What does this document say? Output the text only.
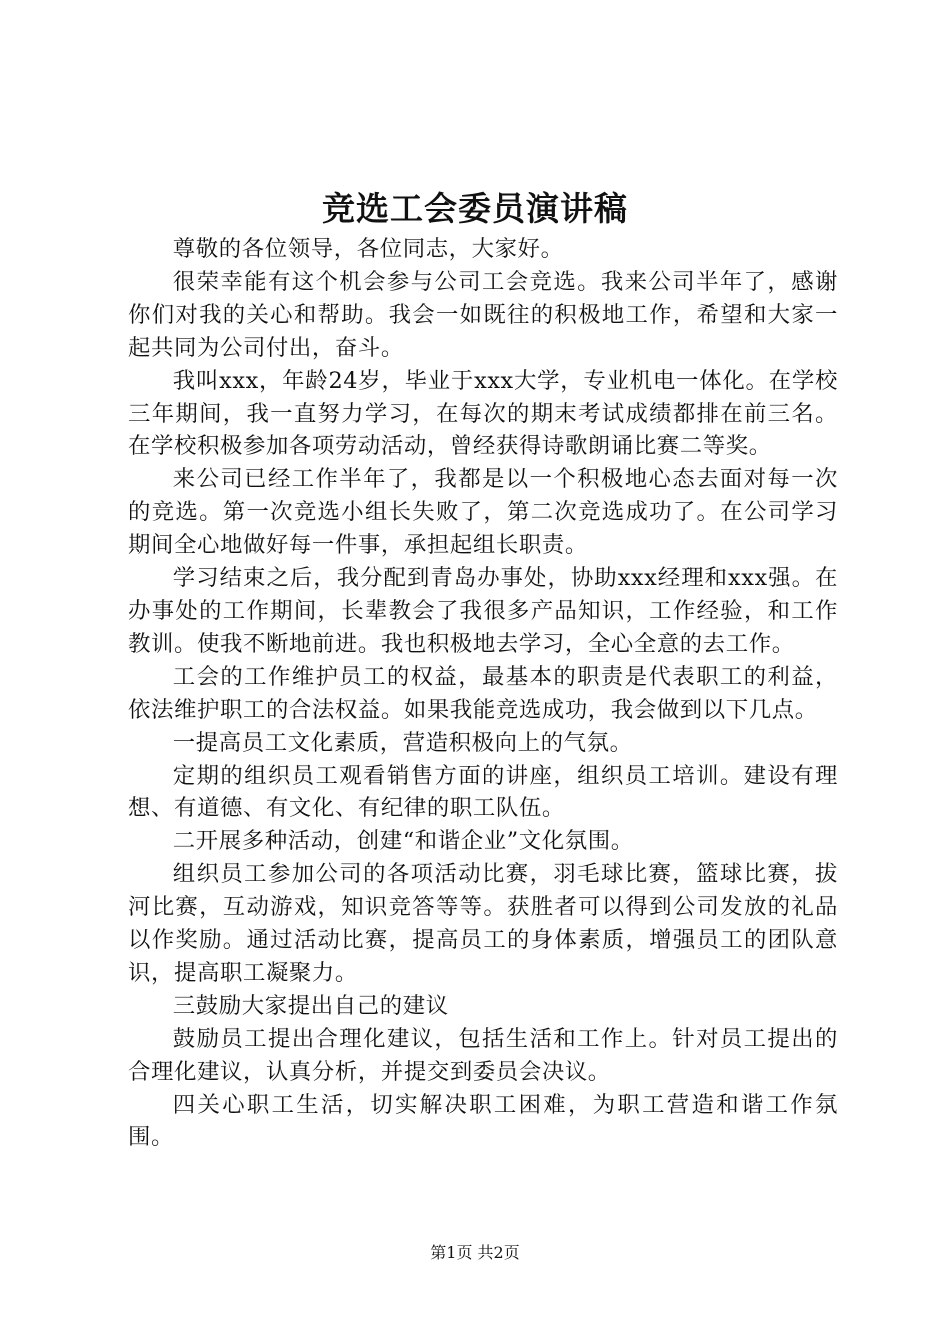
竞选工会委员演讲稿

尊敬的各位领导，各位同志，大家好。

很荣幸能有这个机会参与公司工会竞选。我来公司半年了，感谢你们对我的关心和帮助。我会一如既往的积极地工作，希望和大家一起共同为公司付出，奋斗。

我叫xxx，年龄24岁，毕业于xxx大学，专业机电一体化。在学校三年期间，我一直努力学习，在每次的期末考试成绩都排在前三名。在学校积极参加各项劳动活动，曾经获得诗歌朗诵比赛二等奖。

来公司已经工作半年了，我都是以一个积极地心态去面对每一次的竞选。第一次竞选小组长失败了，第二次竞选成功了。在公司学习期间全心地做好每一件事，承担起组长职责。

学习结束之后，我分配到青岛办事处，协助xxx经理和xxx强。在办事处的工作期间，长辈教会了我很多产品知识，工作经验，和工作教训。使我不断地前进。我也积极地去学习，全心全意的去工作。

工会的工作维护员工的权益，最基本的职责是代表职工的利益，依法维护职工的合法权益。如果我能竞选成功，我会做到以下几点。

一提高员工文化素质，营造积极向上的气氛。

定期的组织员工观看销售方面的讲座，组织员工培训。建设有理想、有道德、有文化、有纪律的职工队伍。

二开展多种活动，创建“和谐企业”文化氛围。

组织员工参加公司的各项活动比赛，羽毛球比赛，篮球比赛，拔河比赛，互动游戏，知识竞答等等。获胜者可以得到公司发放的礼品以作奖励。通过活动比赛，提高员工的身体素质，增强员工的团队意识，提高职工凝聚力。

三鼓励大家提出自己的建议

鼓励员工提出合理化建议，包括生活和工作上。针对员工提出的合理化建议，认真分析，并提交到委员会决议。

四关心职工生活，切实解决职工困难，为职工营造和谐工作氛围。

第1页 共2页
